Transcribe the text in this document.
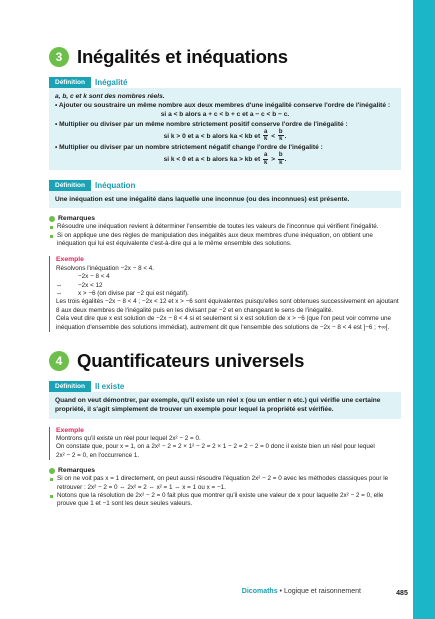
3 Inégalités et inéquations
Définition	Inégalité

a, b, c et k sont des nombres réels.

• Ajouter ou soustraire un même nombre aux deux membres d'une inégalité conserve l'ordre de l'inégalité :

si a < b alors a + c < b + c et a − c < b − c.

• Multiplier ou diviser par un même nombre strictement positif conserve l'ordre de l'inégalité :

si k > 0 et a < b alors ka < kb et $\frac{a}{k} < \frac{b}{k}$ .

• Multiplier ou diviser par un nombre strictement négatif change l'ordre de l'inégalité :

si k < 0 et a < b alors ka > kb et $\frac{a}{k} > \frac{b}{k}$ .

Définition	Inéquation

Une inéquation est une inégalité dans laquelle une inconnue (ou des inconnues) est présente.

Remarques
Résoudre une inéquation revient à déterminer l'ensemble de toutes les valeurs de l'inconnue qui vérifient l'inégalité.
Si on applique une des règles de manipulation des inégalités aux deux membres d'une inéquation, on obtient une inéquation qui lui est équivalente c'est-à-dire qui a le même ensemble des solutions.
Exemple

Résolvons l'inéquation −2x − 8 < 4.

−2x − 8 < 4
⇔	−2x < 12
⇔	x > −6 (on divise par −2 qui est négatif).

Les trois égalités −2x − 8 < 4 ; −2x < 12 et x > −6 sont équivalentes puisqu'elles sont obtenues successivement en ajoutant 8 aux deux membres de l'inégalité puis en les divisant par −2 et en changeant le sens de l'inégalité.

Cela veut dire que x est solution de −2x − 8 < 4 si et seulement si x est solution de x > −6 (que l'on peut voir comme une inéquation d'ensemble des solutions immédiat), autrement dit que l'ensemble des solutions de −2x − 8 < 4 est ]−6 ; +∞[.

4 Quantificateurs universels
Définition	Il existe

Quand on veut démontrer, par exemple, qu'il existe un réel x (ou un entier n etc.) qui vérifie une certaine propriété, il s'agit simplement de trouver un exemple pour lequel la propriété est vérifiée.

Exemple

Montrons qu'il existe un réel pour lequel 2x² − 2 = 0.

On constate que, pour x = 1, on a 2x² − 2 = 2 × 1² − 2 = 2 × 1 − 2 = 2 − 2 = 0 donc il existe bien un réel pour lequel

2x² − 2 = 0, en l'occurrence 1.

Remarques
Si on ne voit pas x = 1 directement, on peut aussi résoudre l'équation 2x² − 2 = 0 avec les méthodes classiques pour le retrouver : 2x² − 2 = 0 ⇔ 2x² = 2 ⇔ x² = 1 ⇔ x = 1 ou x = −1.
Notons que la résolution de 2x² − 2 = 0 fait plus que montrer qu'il existe une valeur de x pour laquelle 2x² − 2 = 0, elle prouve que 1 et −1 sont les deux seules valeurs.
Dicomaths • Logique et raisonnement	485
